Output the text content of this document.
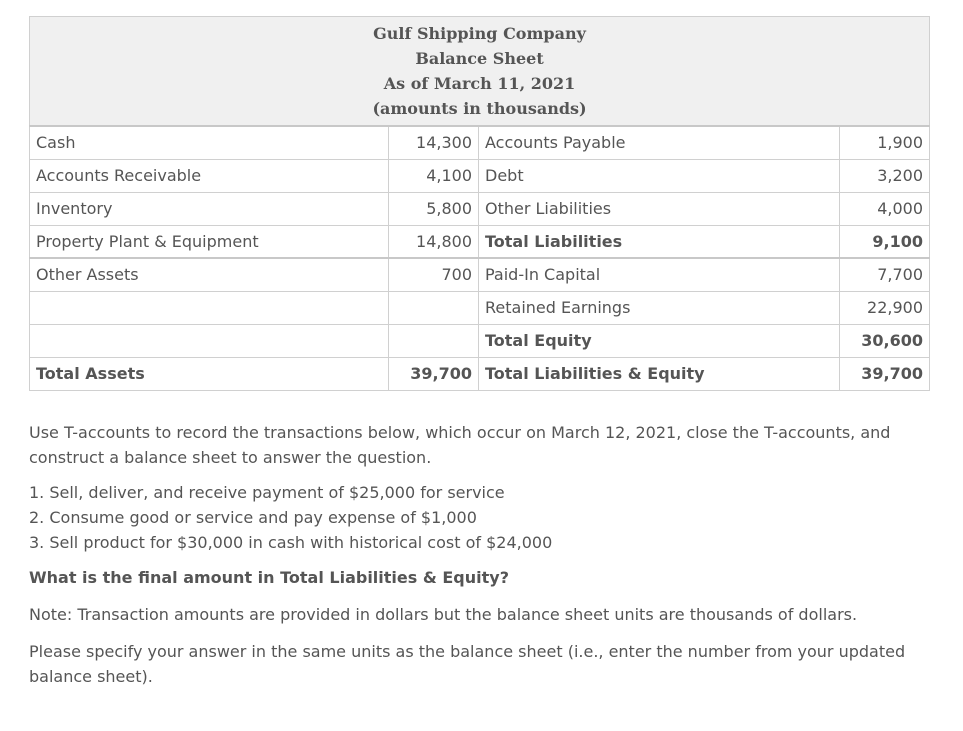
Gulf Shipping Company
Balance Sheet
As of March 11, 2021
(amounts in thousands)			

Cash	14,300	Accounts Payable	1,900
Accounts Receivable	4,100	Debt	3,200
Inventory	5,800	Other Liabilities	4,000
Property Plant & Equipment	14,800	Total Liabilities	9,100
Other Assets	700	Paid-In Capital	7,700
		Retained Earnings	22,900
		Total Equity	30,600
Total Assets	39,700	Total Liabilities & Equity	39,700

Use T-accounts to record the transactions below, which occur on March 12, 2021, close the T-accounts, and construct a balance sheet to answer the question.

1. Sell, deliver, and receive payment of $25,000 for service
2. Consume good or service and pay expense of $1,000
3. Sell product for $30,000 in cash with historical cost of $24,000

What is the final amount in Total Liabilities & Equity?

Note: Transaction amounts are provided in dollars but the balance sheet units are thousands of dollars.

Please specify your answer in the same units as the balance sheet (i.e., enter the number from your updated balance sheet).
